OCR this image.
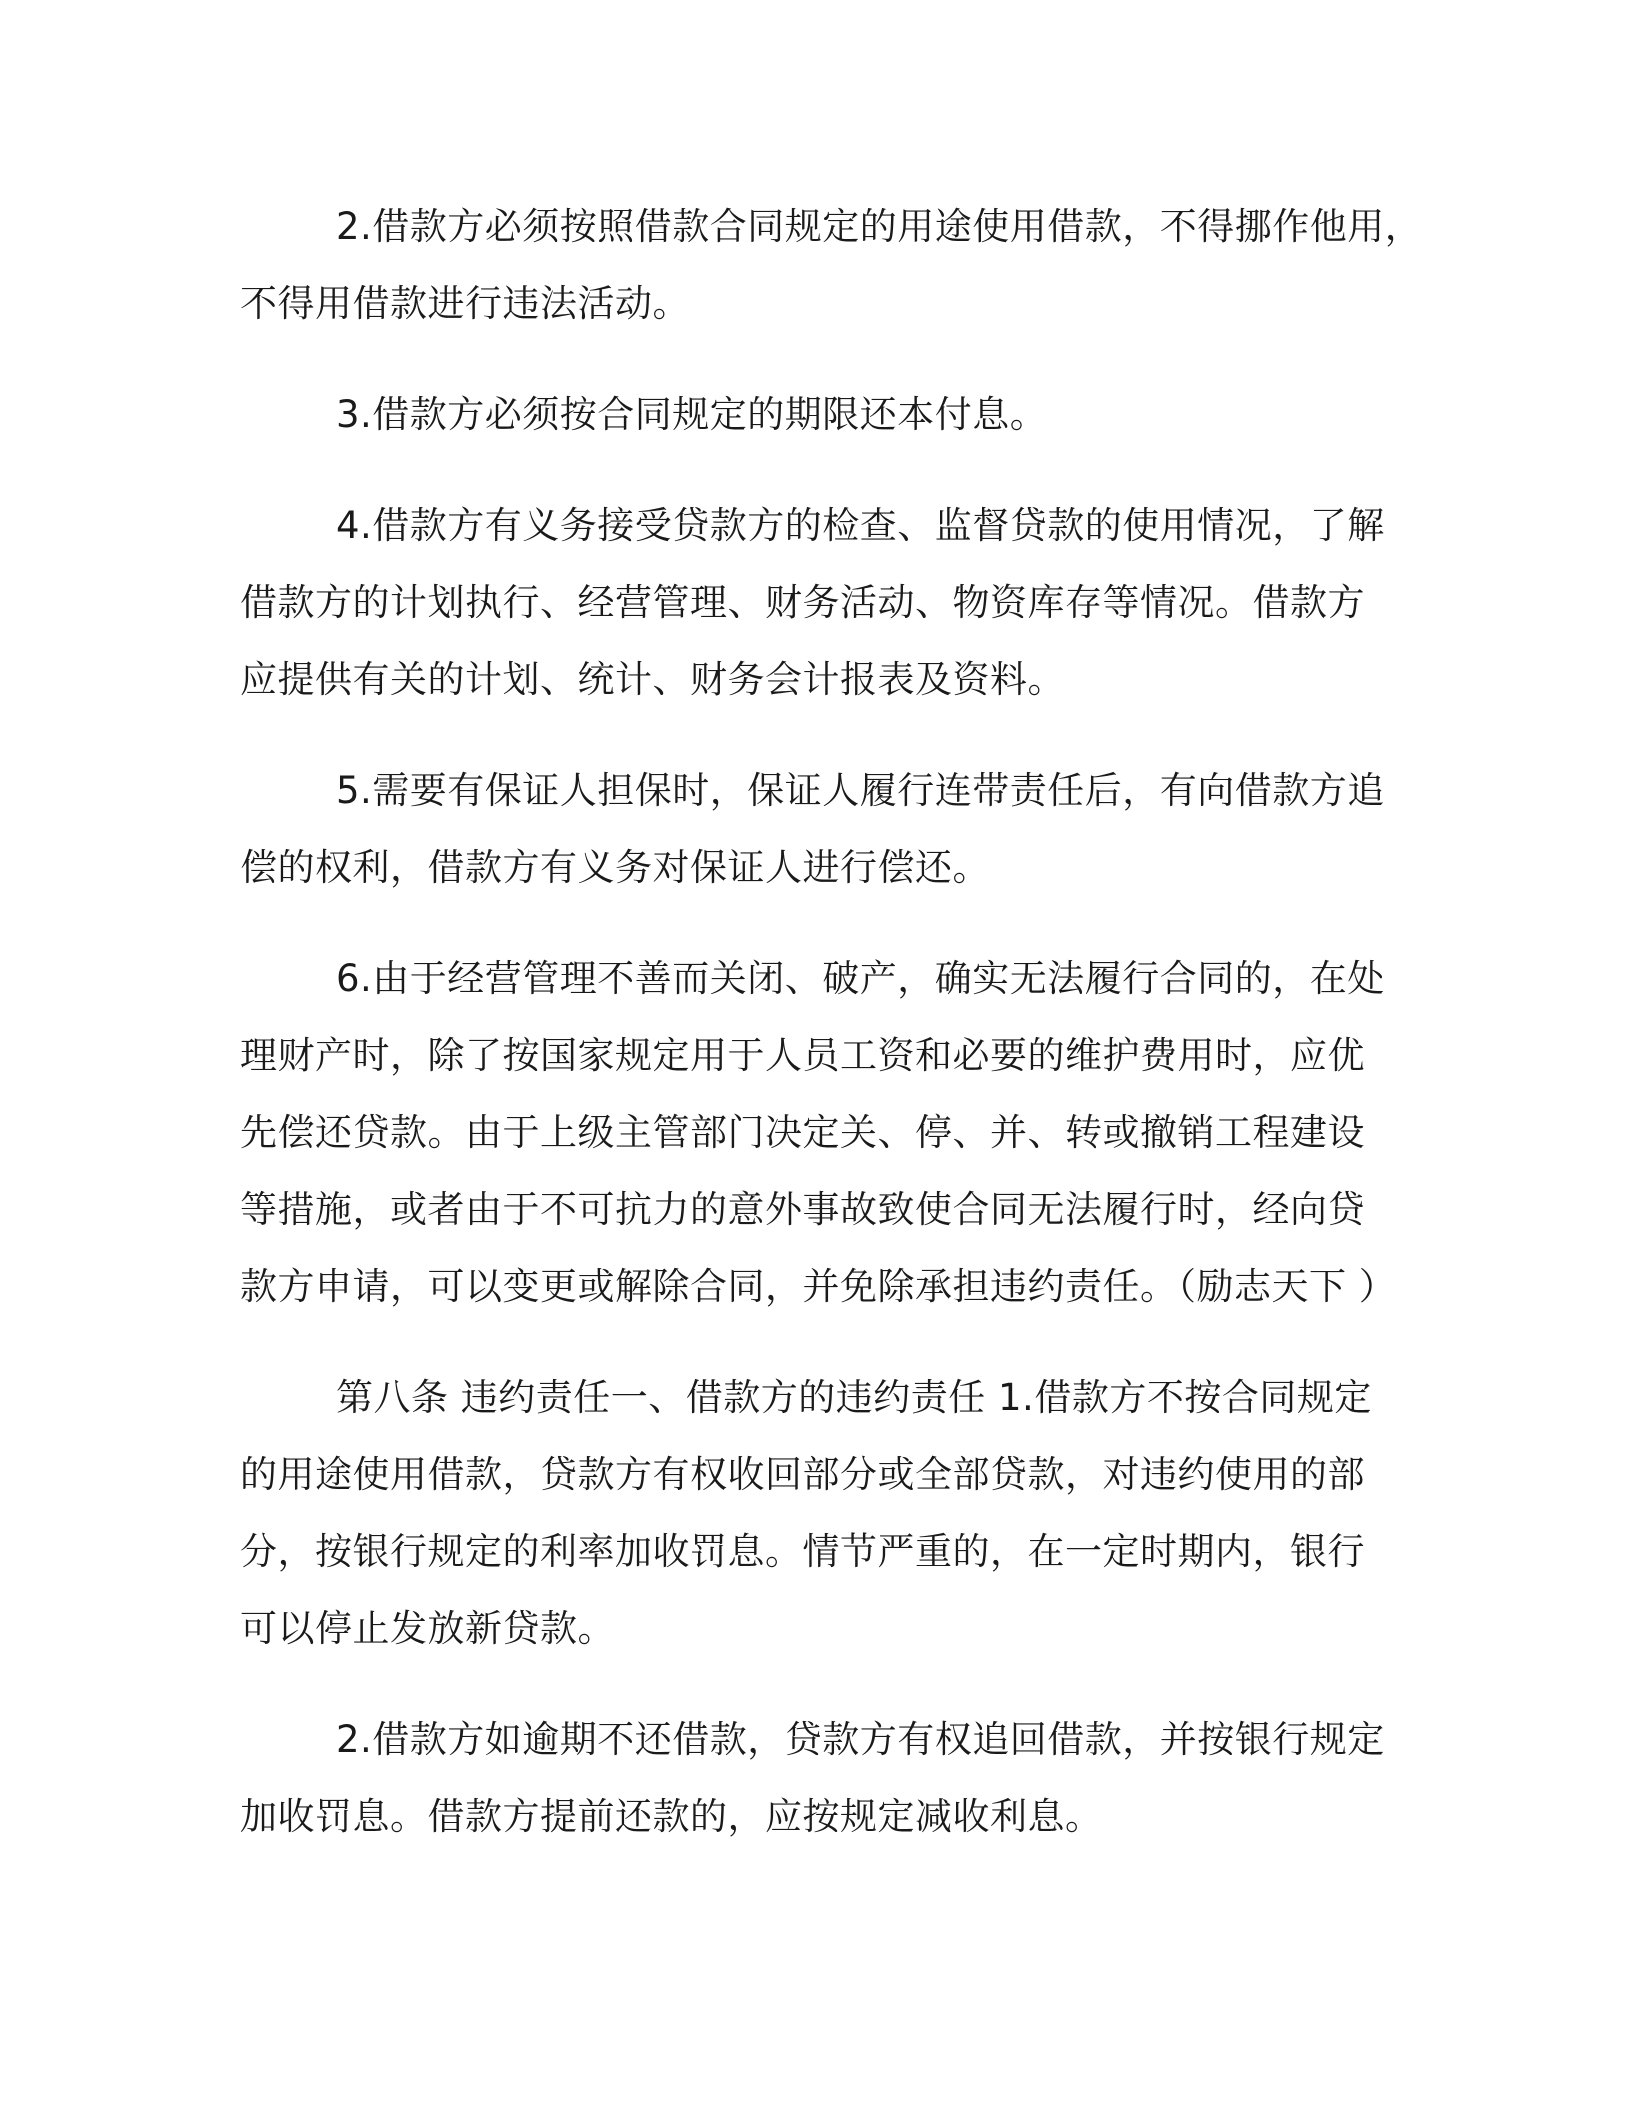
2.借款方必须按照借款合同规定的用途使用借款，不得挪作他用，
不得用借款进行违法活动。
3.借款方必须按合同规定的期限还本付息。
4.借款方有义务接受贷款方的检查、监督贷款的使用情况，了解
借款方的计划执行、经营管理、财务活动、物资库存等情况。借款方
应提供有关的计划、统计、财务会计报表及资料。
5.需要有保证人担保时，保证人履行连带责任后，有向借款方追
偿的权利，借款方有义务对保证人进行偿还。
6.由于经营管理不善而关闭、破产，确实无法履行合同的，在处
理财产时，除了按国家规定用于人员工资和必要的维护费用时，应优
先偿还贷款。由于上级主管部门决定关、停、并、转或撤销工程建设
等措施，或者由于不可抗力的意外事故致使合同无法履行时，经向贷
款方申请，可以变更或解除合同，并免除承担违约责任。（励志天下 ）
第八条 违约责任一、借款方的违约责任 1.借款方不按合同规定
的用途使用借款，贷款方有权收回部分或全部贷款，对违约使用的部
分，按银行规定的利率加收罚息。情节严重的，在一定时期内，银行
可以停止发放新贷款。
2.借款方如逾期不还借款，贷款方有权追回借款，并按银行规定
加收罚息。借款方提前还款的，应按规定减收利息。
